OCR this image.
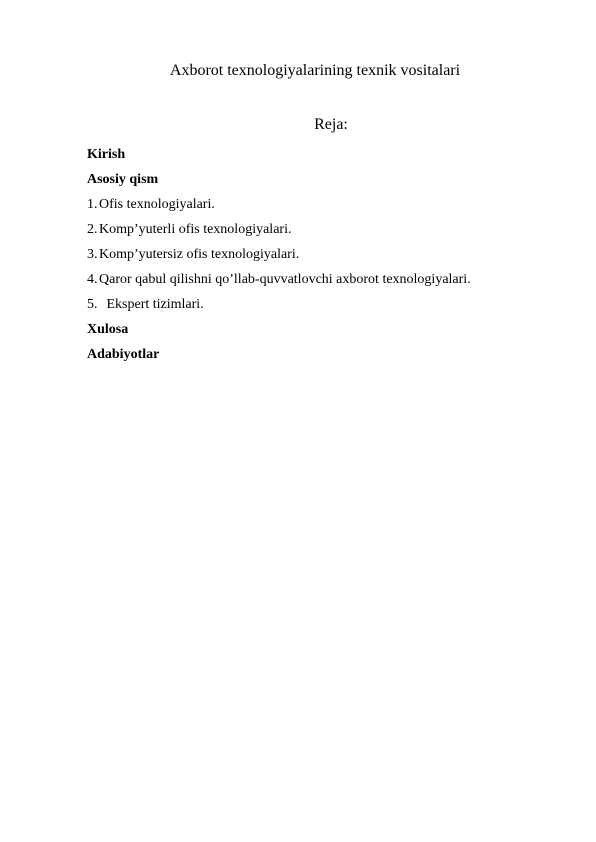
Axborot texnologiyalarining texnik vositalari
Reja:
Kirish
Asosiy qism
1. Ofis texnologiyalari.
2. Komp’yuterli ofis texnologiyalari.
3. Komp’yutersiz ofis texnologiyalari.
4. Qaror qabul qilishni qo’llab-quvvatlovchi axborot texnologiyalari.
5. Ekspert tizimlari.
Xulosa
Adabiyotlar
